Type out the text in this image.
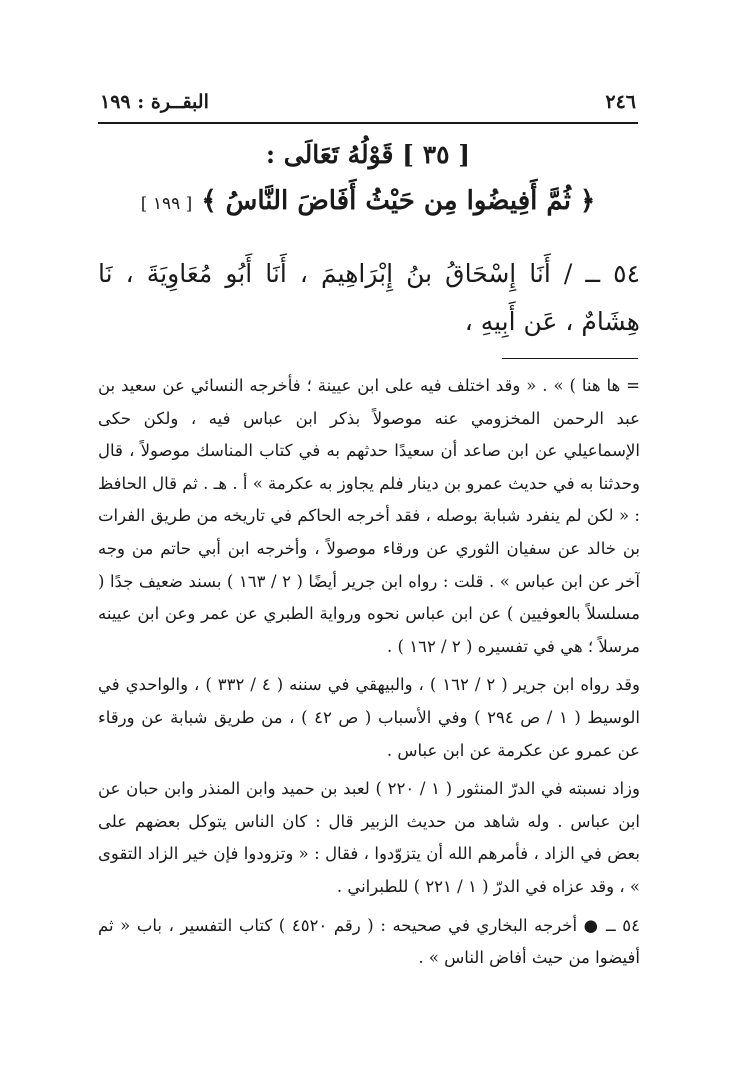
٢٤٦
البقــرة : ١٩٩
[ ٣٥ ] قَوْلُهُ تَعَالَى :
﴿ ثُمَّ أَفِيضُوا مِن حَيْثُ أَفَاضَ النَّاسُ ﴾ [ ١٩٩ ]
٥٤ ــ / أَنَا إِسْحَاقُ بنُ إِبْرَاهِيمَ ، أَنَا أَبُو مُعَاوِيَةَ ، نَا هِشَامٌ ، عَن أَبِيهِ ،

= ها هنا ) » . « وقد اختلف فيه على ابن عيينة ؛ فأخرجه النسائي عن سعيد بن عبد الرحمن المخزومي عنه موصولاً بذكر ابن عباس فيه ، ولكن حكى الإسماعيلي عن ابن صاعد أن سعيدًا حدثهم به في كتاب المناسك موصولاً ، قال وحدثنا به في حديث عمرو بن دينار فلم يجاوز به عكرمة » أ . هـ . ثم قال الحافظ : « لكن لم ينفرد شبابة بوصله ، فقد أخرجه الحاكم في تاريخه من طريق الفرات بن خالد عن سفيان الثوري عن ورقاء موصولاً ، وأخرجه ابن أبي حاتم من وجه آخر عن ابن عباس » . قلت : رواه ابن جرير أيضًا ( ٢ / ١٦٣ ) بسند ضعيف جدًا ( مسلسلاً بالعوفيين ) عن ابن عباس نحوه ورواية الطبري عن عمر وعن ابن عيينه مرسلاً ؛ هي في تفسيره ( ٢ / ١٦٢ ) .

وقد رواه ابن جرير ( ٢ / ١٦٢ ) ، والبيهقي في سننه ( ٤ / ٣٣٢ ) ، والواحدي في الوسيط ( ١ / ص ٢٩٤ ) وفي الأسباب ( ص ٤٢ ) ، من طريق شبابة عن ورقاء عن عمرو عن عكرمة عن ابن عباس .

وزاد نسبته في الدرّ المنثور ( ١ / ٢٢٠ ) لعبد بن حميد وابن المنذر وابن حبان عن ابن عباس . وله شاهد من حديث الزبير قال : كان الناس يتوكل بعضهم على بعض في الزاد ، فأمرهم الله أن يتزوّدوا ، فقال : « وتزودوا فإن خير الزاد التقوى » ، وقد عزاه في الدرّ ( ١ / ٢٢١ ) للطبراني .

٥٤ ــ ● أخرجه البخاري في صحيحه : ( رقم ٤٥٢٠ ) كتاب التفسير ، باب « ثم أفيضوا من حيث أفاض الناس » .
